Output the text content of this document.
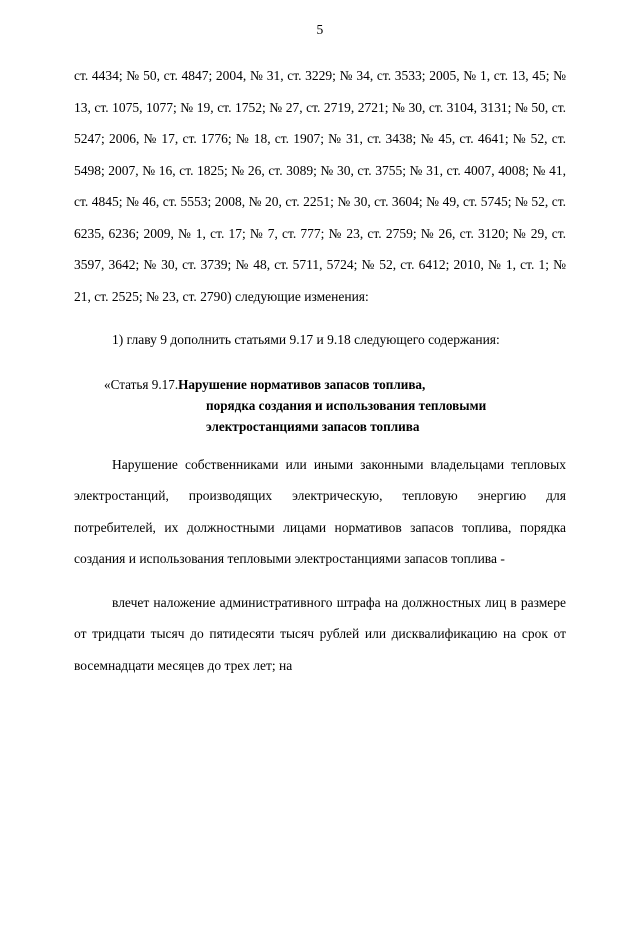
5

ст. 4434; № 50, ст. 4847; 2004, № 31, ст. 3229; № 34, ст. 3533; 2005, № 1, ст. 13, 45; № 13, ст. 1075, 1077; № 19, ст. 1752; № 27, ст. 2719, 2721; № 30, ст. 3104, 3131; № 50, ст. 5247; 2006, № 17, ст. 1776; № 18, ст. 1907; № 31, ст. 3438; № 45, ст. 4641; № 52, ст. 5498; 2007, № 16, ст. 1825; № 26, ст. 3089; № 30, ст. 3755; № 31, ст. 4007, 4008; № 41, ст. 4845; № 46, ст. 5553; 2008, № 20, ст. 2251; № 30, ст. 3604; № 49, ст. 5745; № 52, ст. 6235, 6236; 2009, № 1, ст. 17; № 7, ст. 777; № 23, ст. 2759; № 26, ст. 3120; № 29, ст. 3597, 3642; № 30, ст. 3739; № 48, ст. 5711, 5724; № 52, ст. 6412; 2010, № 1, ст. 1; № 21, ст. 2525; № 23, ст. 2790) следующие изменения:

1) главу 9 дополнить статьями 9.17 и 9.18 следующего содержания:

«Статья 9.17.Нарушение нормативов запасов топлива,
порядка создания и использования тепловыми
электростанциями запасов топлива

Нарушение собственниками или иными законными владельцами тепловых электростанций, производящих электрическую, тепловую энергию для потребителей, их должностными лицами нормативов запасов топлива, порядка создания и использования тепловыми электростанциями запасов топлива -

влечет наложение административного штрафа на должностных лиц в размере от тридцати тысяч до пятидесяти тысяч рублей или дисквалификацию на срок от восемнадцати месяцев до трех лет; на
